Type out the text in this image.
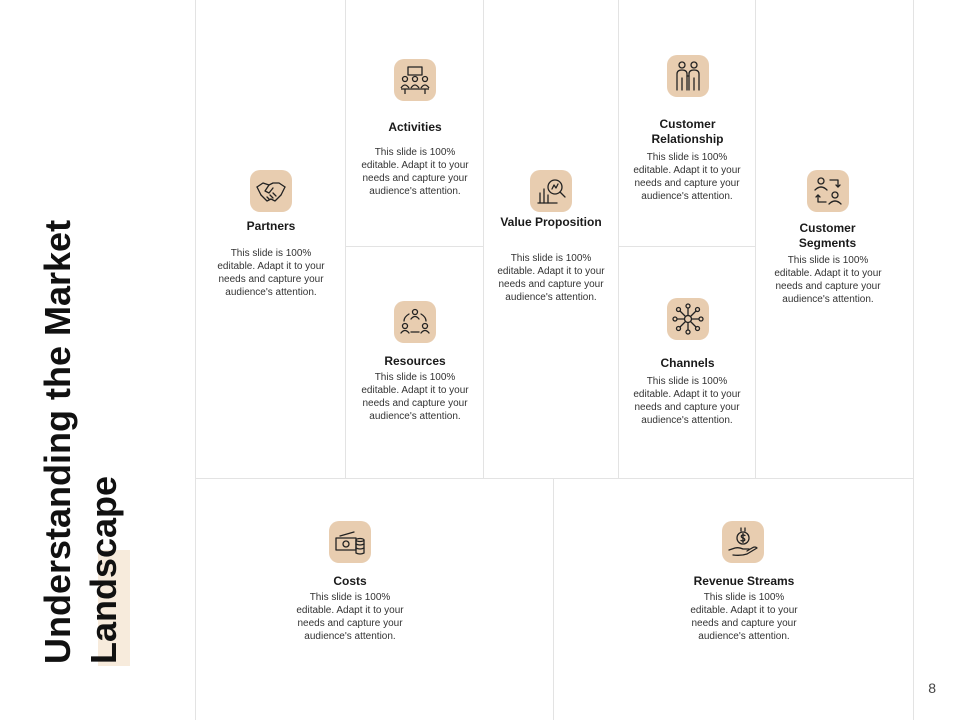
Understanding the Market Landscape
Partners
This slide is 100% editable. Adapt it to your needs and capture your audience's attention.
Activities
This slide is 100% editable. Adapt it to your needs and capture your audience's attention.
Resources
This slide is 100% editable. Adapt it to your needs and capture your audience's attention.
Value Proposition
This slide is 100% editable. Adapt it to your needs and capture your audience's attention.
Customer Relationship
This slide is 100% editable. Adapt it to your needs and capture your audience's attention.
Channels
This slide is 100% editable. Adapt it to your needs and capture your audience's attention.
Customer Segments
This slide is 100% editable. Adapt it to your needs and capture your audience's attention.
Costs
This slide is 100% editable. Adapt it to your needs and capture your audience's attention.
Revenue Streams
This slide is 100% editable. Adapt it to your needs and capture your audience's attention.
8
